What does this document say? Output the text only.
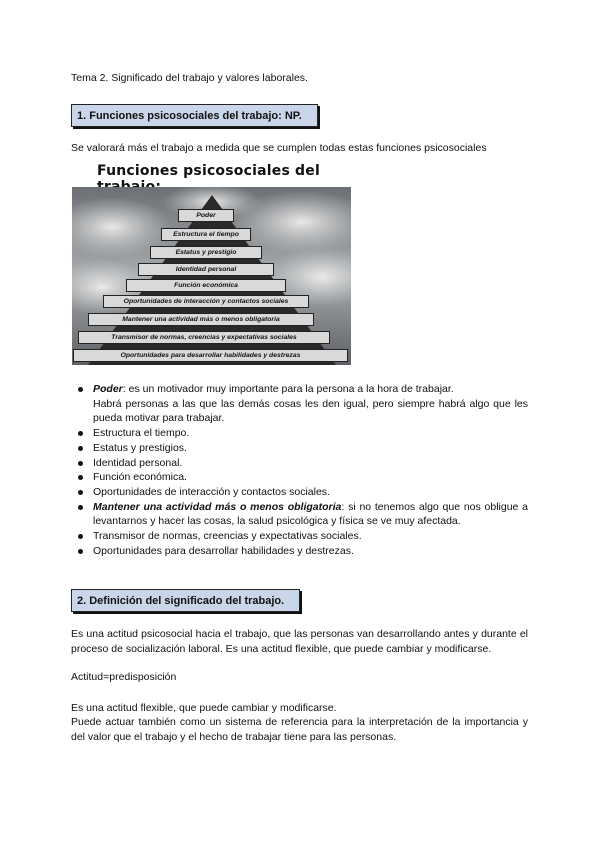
Tema 2. Significado del trabajo y valores laborales.
1. Funciones psicosociales del trabajo: NP.
Se valorará más el trabajo a medida que se cumplen todas estas funciones psicosociales
Funciones psicosociales del
Poder
Estructura el tiempo
Estatus y prestigio
Identidad personal
Función económica
Oportunidades de interacción y contactos sociales
Mantener una actividad más o menos obligatoria
Transmisor de normas, creencias y expectativas sociales
Oportunidades para desarrollar habilidades y destrezas
Poder: es un motivador muy importante para la persona a la hora de trabajar.
Habrá personas a las que las demás cosas les den igual, pero siempre habrá algo que les pueda motivar para trabajar.
Estructura el tiempo.
Estatus y prestigios.
Identidad personal.
Función económica.
Oportunidades de interacción y contactos sociales.
Mantener una actividad más o menos obligatoria: si no tenemos algo que nos obligue a levantarnos y hacer las cosas, la salud psicológica y física se ve muy afectada.
Transmisor de normas, creencias y expectativas sociales.
Oportunidades para desarrollar habilidades y destrezas.
2. Definición del significado del trabajo.
Es una actitud psicosocial hacia el trabajo, que las personas van desarrollando antes y durante el proceso de socialización laboral. Es una actitud flexible, que puede cambiar y modificarse.
Actitud=predisposición
Es una actitud flexible, que puede cambiar y modificarse.
Puede actuar también como un sistema de referencia para la interpretación de la importancia y del valor que el trabajo y el hecho de trabajar tiene para las personas.
